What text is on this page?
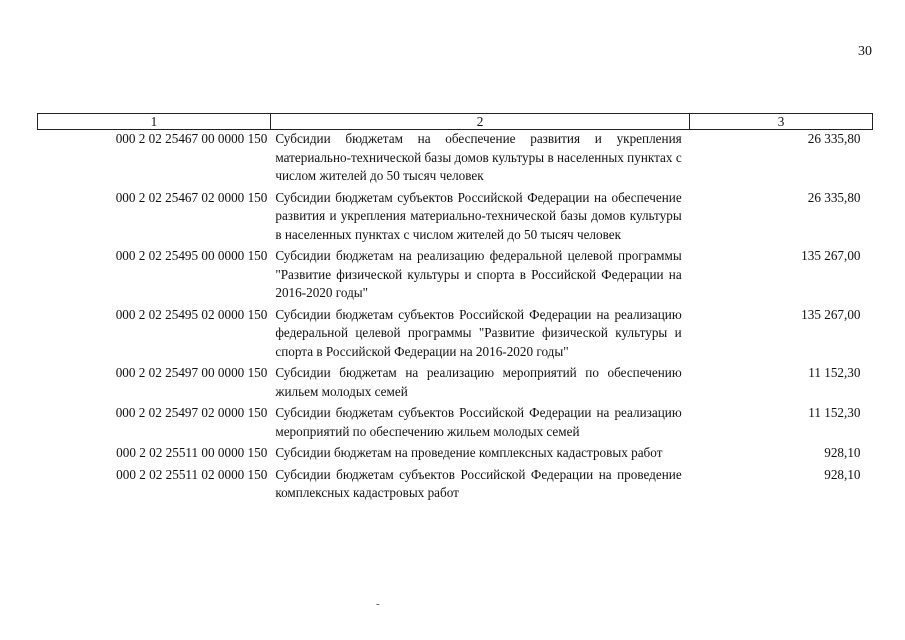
30
1	2	3
000 2 02 25467 00 0000 150	Субсидии бюджетам на обеспечение развития и укрепления материально-технической базы домов культуры в населенных пунктах с числом жителей до 50 тысяч человек	26 335,80
000 2 02 25467 02 0000 150	Субсидии бюджетам субъектов Российской Федерации на обеспечение развития и укрепления материально-технической базы домов культуры в населенных пунктах с числом жителей до 50 тысяч человек	26 335,80
000 2 02 25495 00 0000 150	Субсидии бюджетам на реализацию федеральной целевой программы "Развитие физической культуры и спорта в Российской Федерации на 2016-2020 годы"	135 267,00
000 2 02 25495 02 0000 150	Субсидии бюджетам субъектов Российской Федерации на реализацию федеральной целевой программы "Развитие физической культуры и спорта в Российской Федерации на 2016-2020 годы"	135 267,00
000 2 02 25497 00 0000 150	Субсидии бюджетам на реализацию мероприятий по обеспечению жильем молодых семей	11 152,30
000 2 02 25497 02 0000 150	Субсидии бюджетам субъектов Российской Федерации на реализацию мероприятий по обеспечению жильем молодых семей	11 152,30
000 2 02 25511 00 0000 150	Субсидии бюджетам на проведение комплексных кадастровых работ	928,10
000 2 02 25511 02 0000 150	Субсидии бюджетам субъектов Российской Федерации на проведение комплексных кадастровых работ	928,10
-
